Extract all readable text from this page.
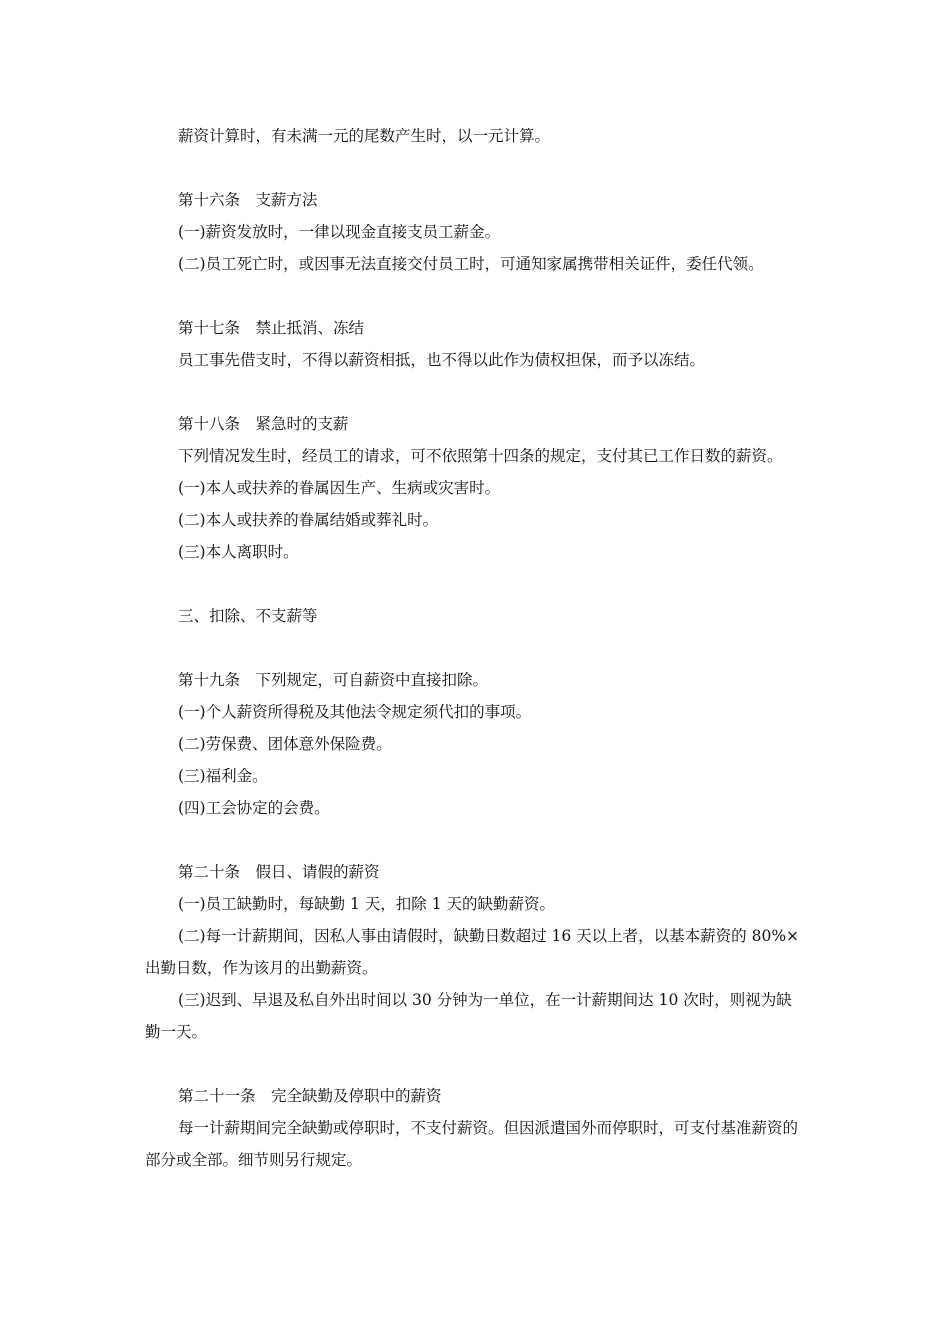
薪资计算时，有未满一元的尾数产生时，以一元计算。

第十六条　支薪方法

(一)薪资发放时，一律以现金直接支员工薪金。

(二)员工死亡时，或因事无法直接交付员工时，可通知家属携带相关证件，委任代领。

第十七条　禁止抵消、冻结

员工事先借支时，不得以薪资相抵，也不得以此作为债权担保，而予以冻结。

第十八条　紧急时的支薪

下列情况发生时，经员工的请求，可不依照第十四条的规定，支付其已工作日数的薪资。

(一)本人或扶养的眷属因生产、生病或灾害时。

(二)本人或扶养的眷属结婚或葬礼时。

(三)本人离职时。

三、扣除、不支薪等

第十九条　下列规定，可自薪资中直接扣除。

(一)个人薪资所得税及其他法令规定须代扣的事项。

(二)劳保费、团体意外保险费。

(三)福利金。

(四)工会协定的会费。

第二十条　假日、请假的薪资

(一)员工缺勤时，每缺勤 1 天，扣除 1 天的缺勤薪资。

(二)每一计薪期间，因私人事由请假时，缺勤日数超过 16 天以上者，以基本薪资的 80%×出勤日数，作为该月的出勤薪资。

(三)迟到、早退及私自外出时间以 30 分钟为一单位，在一计薪期间达 10 次时，则视为缺勤一天。

第二十一条　完全缺勤及停职中的薪资

每一计薪期间完全缺勤或停职时，不支付薪资。但因派遣国外而停职时，可支付基准薪资的部分或全部。细节则另行规定。
